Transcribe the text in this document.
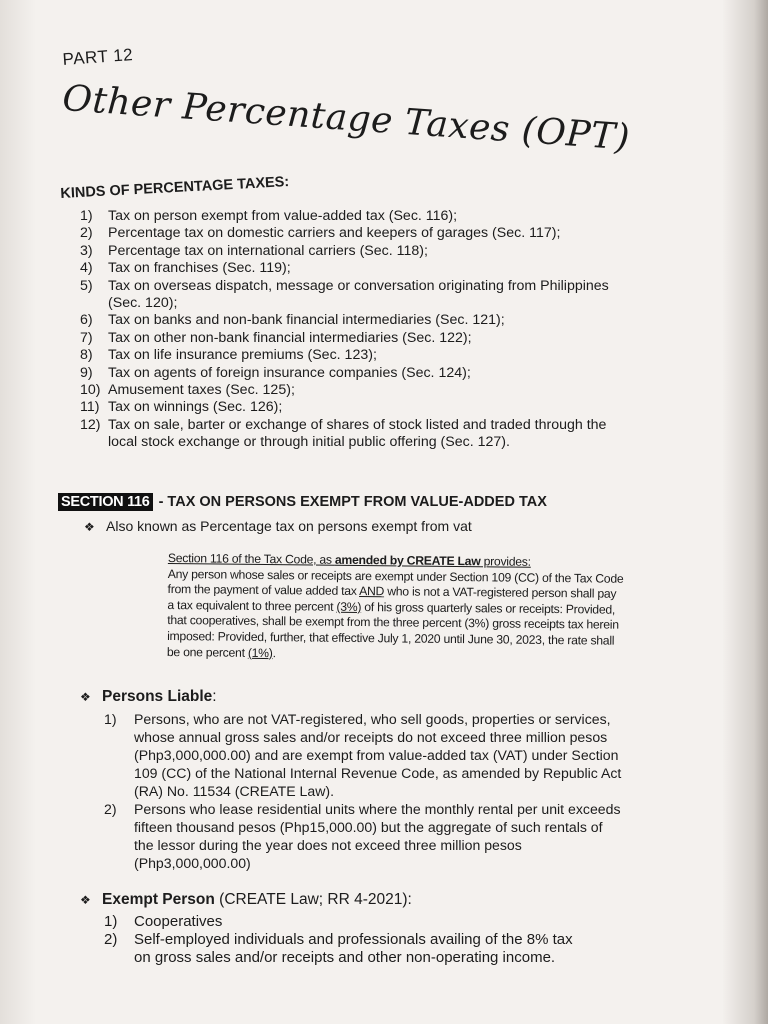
PART 12
Other Percentage Taxes (OPT)
KINDS OF PERCENTAGE TAXES:
1)	Tax on person exempt from value-added tax (Sec. 116);
2)	Percentage tax on domestic carriers and keepers of garages (Sec. 117);
3)	Percentage tax on international carriers (Sec. 118);
4)	Tax on franchises (Sec. 119);
5)	Tax on overseas dispatch, message or conversation originating from Philippines
(Sec. 120);
6)	Tax on banks and non-bank financial intermediaries (Sec. 121);
7)	Tax on other non-bank financial intermediaries (Sec. 122);
8)	Tax on life insurance premiums (Sec. 123);
9)	Tax on agents of foreign insurance companies (Sec. 124);
10) Amusement taxes (Sec. 125);
11) Tax on winnings (Sec. 126);
12) Tax on sale, barter or exchange of shares of stock listed and traded through the
local stock exchange or through initial public offering (Sec. 127).
SECTION 116 - TAX ON PERSONS EXEMPT FROM VALUE-ADDED TAX
❖ Also known as Percentage tax on persons exempt from vat
Section 116 of the Tax Code, as amended by CREATE Law provides:
Any person whose sales or receipts are exempt under Section 109 (CC) of the Tax Code
from the payment of value added tax AND who is not a VAT-registered person shall pay
a tax equivalent to three percent (3%) of his gross quarterly sales or receipts: Provided,
that cooperatives, shall be exempt from the three percent (3%) gross receipts tax herein
imposed: Provided, further, that effective July 1, 2020 until June 30, 2023, the rate shall
be one percent (1%).
❖ Persons Liable:
1) Persons, who are not VAT-registered, who sell goods, properties or services,
whose annual gross sales and/or receipts do not exceed three million pesos
(Php3,000,000.00) and are exempt from value-added tax (VAT) under Section
109 (CC) of the National Internal Revenue Code, as amended by Republic Act
(RA) No. 11534 (CREATE Law).
2) Persons who lease residential units where the monthly rental per unit exceeds
fifteen thousand pesos (Php15,000.00) but the aggregate of such rentals of
the lessor during the year does not exceed three million pesos
(Php3,000,000.00)
❖ Exempt Person (CREATE Law; RR 4-2021):
1) Cooperatives
2) Self-employed individuals and professionals availing of the 8% tax
on gross sales and/or receipts and other non-operating income.
